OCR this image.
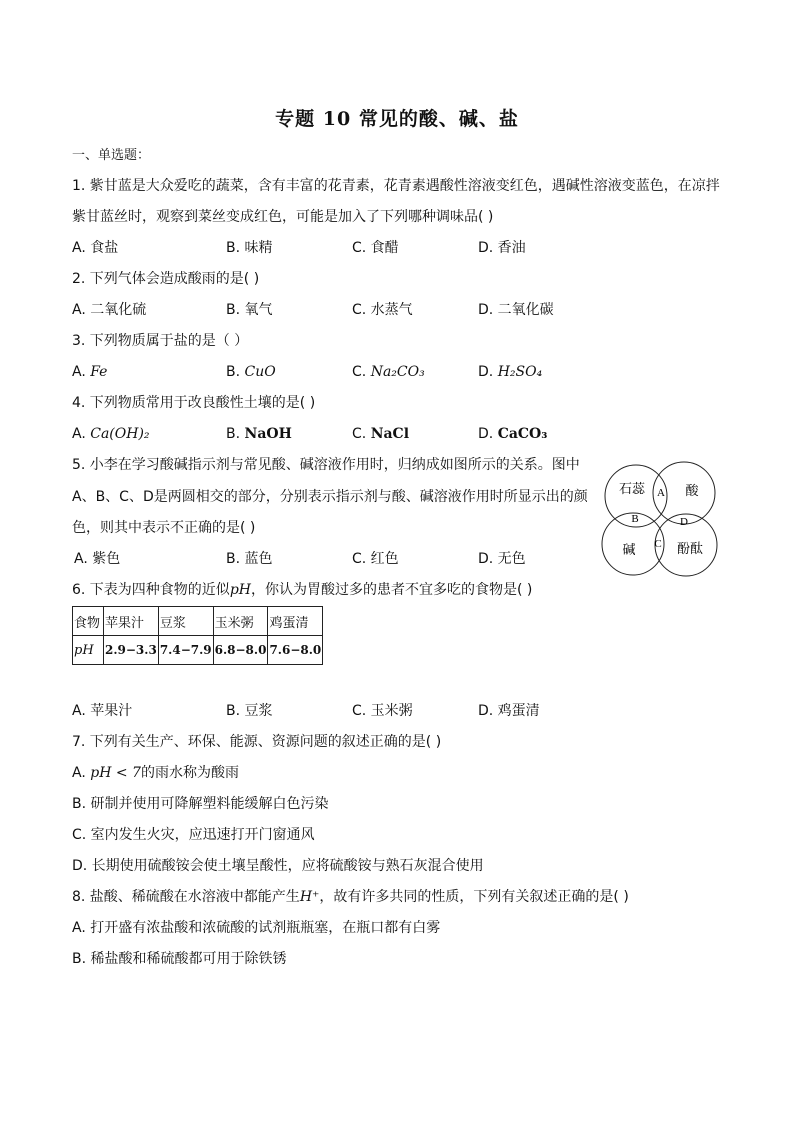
专题 10 常见的酸、碱、盐
一、单选题：
1. 紫甘蓝是大众爱吃的蔬菜，含有丰富的花青素，花青素遇酸性溶液变红色，遇碱性溶液变蓝色，在凉拌
紫甘蓝丝时，观察到菜丝变成红色，可能是加入了下列哪种调味品( )
A. 食盐	B. 味精	C. 食醋	D. 香油
2. 下列气体会造成酸雨的是( )
A. 二氧化硫	B. 氧气	C. 水蒸气	D. 二氧化碳
3. 下列物质属于盐的是（ ）
A. Fe	B. CuO	C. Na₂CO₃	D. H₂SO₄
4. 下列物质常用于改良酸性土壤的是( )
A. Ca(OH)₂	B. NaOH	C. NaCl	D. CaCO₃
5. 小李在学习酸碱指示剂与常见酸、碱溶液作用时，归纳成如图所示的关系。图中
A、B、C、D是两圆相交的部分，分别表示指示剂与酸、碱溶液作用时所显示出的颜
色，则其中表示不正确的是( )
A. 紫色	B. 蓝色	C. 红色	D. 无色
石蕊	酸
碱	酚酞
A
B
C
D
6. 下表为四种食物的近似pH，你认为胃酸过多的患者不宜多吃的食物是( )
食物	苹果汁	豆浆	玉米粥	鸡蛋清
pH	2.9−3.3	7.4−7.9	6.8−8.0	7.6−8.0
A. 苹果汁	B. 豆浆	C. 玉米粥	D. 鸡蛋清
7. 下列有关生产、环保、能源、资源问题的叙述正确的是( )
A. pH < 7的雨水称为酸雨
B. 研制并使用可降解塑料能缓解白色污染
C. 室内发生火灾，应迅速打开门窗通风
D. 长期使用硫酸铵会使土壤呈酸性，应将硫酸铵与熟石灰混合使用
8. 盐酸、稀硫酸在水溶液中都能产生H⁺，故有许多共同的性质，下列有关叙述正确的是( )
A. 打开盛有浓盐酸和浓硫酸的试剂瓶瓶塞，在瓶口都有白雾
B. 稀盐酸和稀硫酸都可用于除铁锈
